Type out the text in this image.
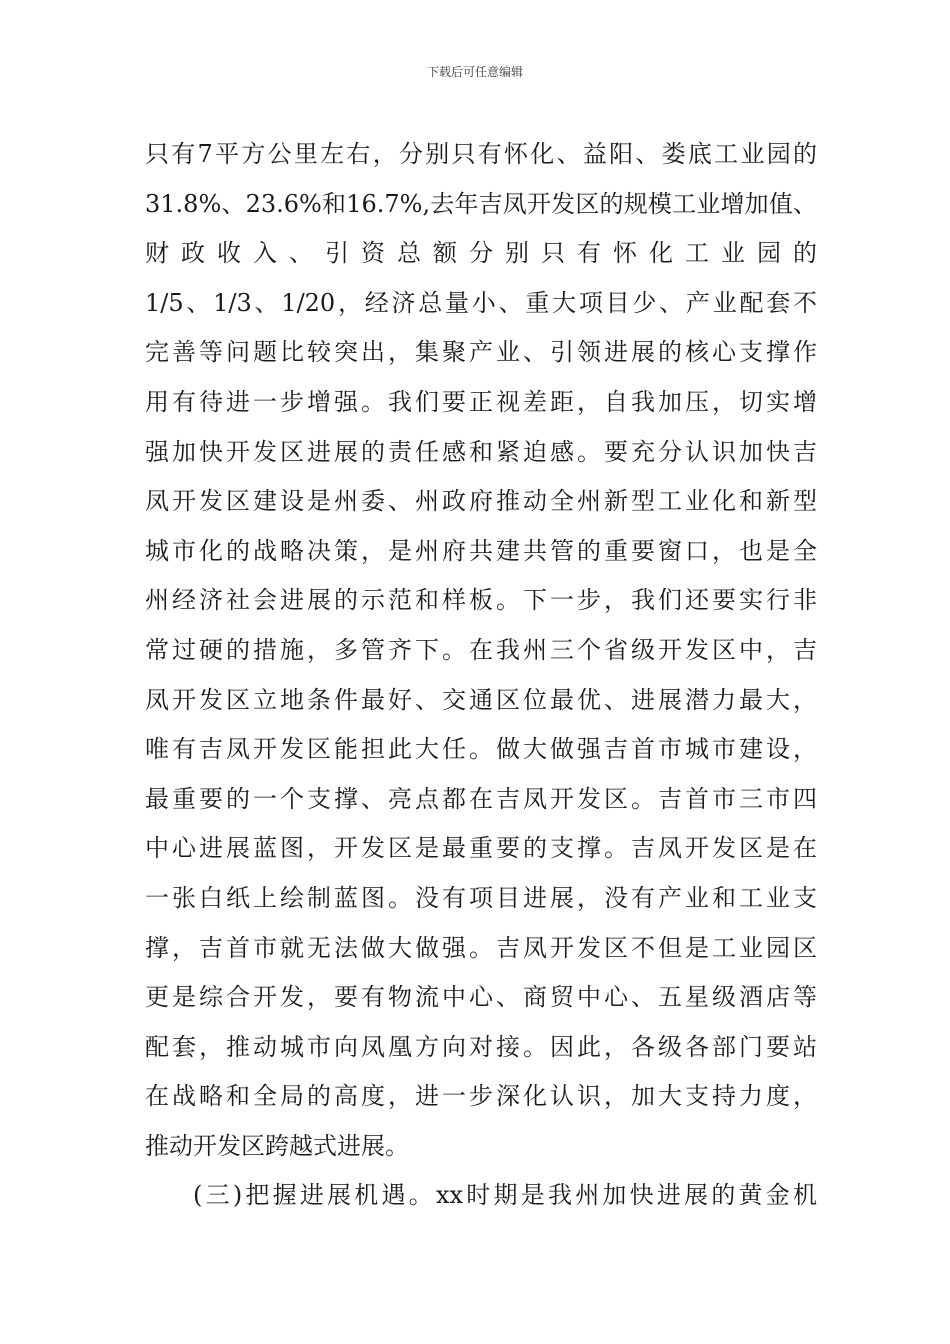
下载后可任意编辑
只有7平方公里左右，分别只有怀化、益阳、娄底工业园的
31.8%、23.6%和16.7%,去年吉凤开发区的规模工业增加值、
财政收入、引资总额分别只有怀化工业园的
1/5、1/3、1/20，经济总量小、重大项目少、产业配套不
完善等问题比较突出，集聚产业、引领进展的核心支撑作
用有待进一步增强。我们要正视差距，自我加压，切实增
强加快开发区进展的责任感和紧迫感。要充分认识加快吉
凤开发区建设是州委、州政府推动全州新型工业化和新型
城市化的战略决策，是州府共建共管的重要窗口，也是全
州经济社会进展的示范和样板。下一步，我们还要实行非
常过硬的措施，多管齐下。在我州三个省级开发区中，吉
凤开发区立地条件最好、交通区位最优、进展潜力最大，
唯有吉凤开发区能担此大任。做大做强吉首市城市建设，
最重要的一个支撑、亮点都在吉凤开发区。吉首市三市四
中心进展蓝图，开发区是最重要的支撑。吉凤开发区是在
一张白纸上绘制蓝图。没有项目进展，没有产业和工业支
撑，吉首市就无法做大做强。吉凤开发区不但是工业园区
更是综合开发，要有物流中心、商贸中心、五星级酒店等
配套，推动城市向凤凰方向对接。因此，各级各部门要站
在战略和全局的高度，进一步深化认识，加大支持力度，
推动开发区跨越式进展。
(三)把握进展机遇。xx时期是我州加快进展的黄金机
